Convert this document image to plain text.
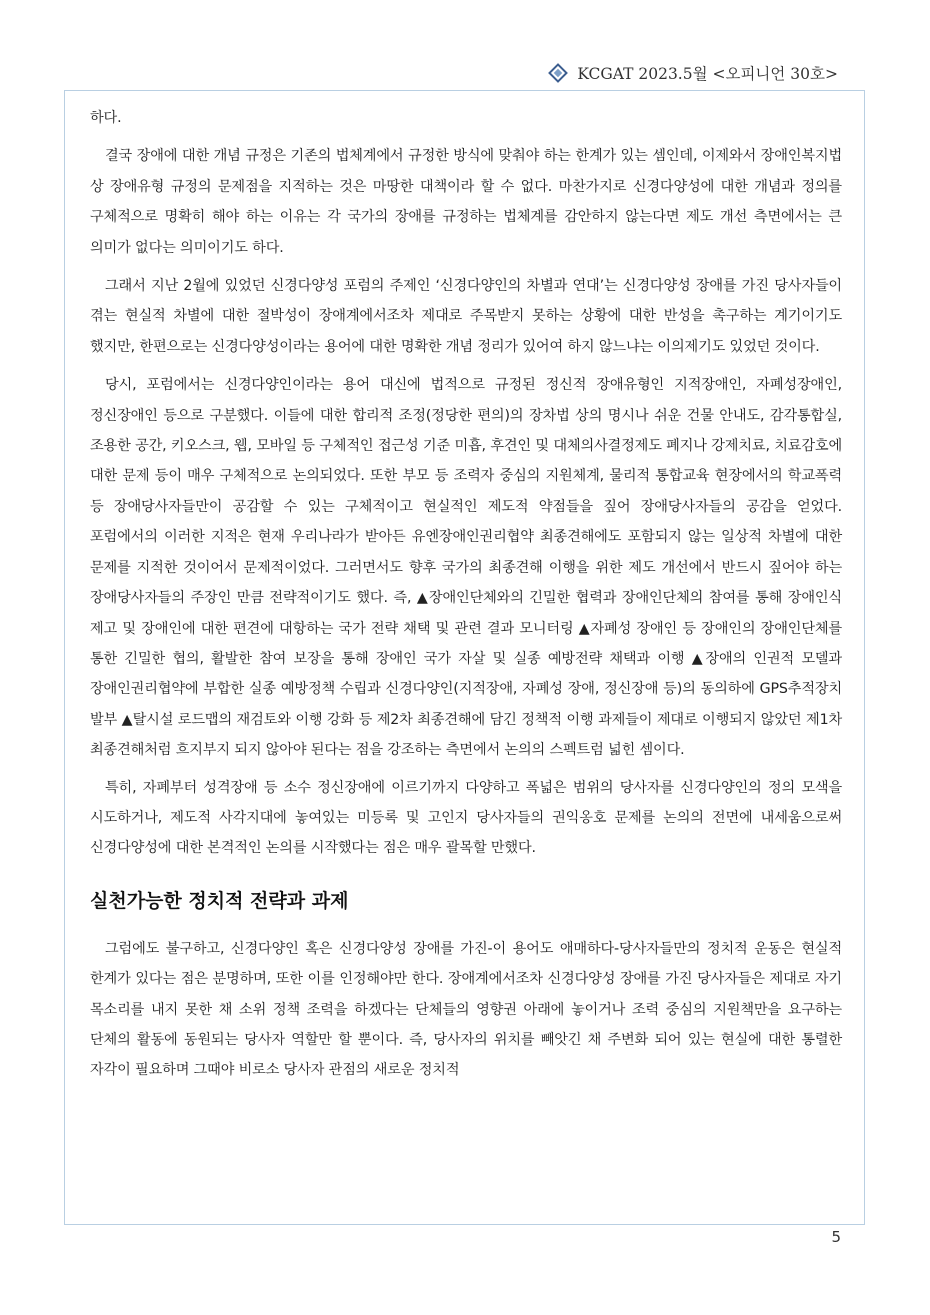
KCGAT 2023.5월 <오피니언 30호>

하다.

결국 장애에 대한 개념 규정은 기존의 법체계에서 규정한 방식에 맞춰야 하는 한계가 있는 셈인데, 이제와서 장애인복지법 상 장애유형 규정의 문제점을 지적하는 것은 마땅한 대책이라 할 수 없다. 마찬가지로 신경다양성에 대한 개념과 정의를 구체적으로 명확히 해야 하는 이유는 각 국가의 장애를 규정하는 법체계를 감안하지 않는다면 제도 개선 측면에서는 큰 의미가 없다는 의미이기도 하다.

그래서 지난 2월에 있었던 신경다양성 포럼의 주제인 ‘신경다양인의 차별과 연대’는 신경다양성 장애를 가진 당사자들이 겪는 현실적 차별에 대한 절박성이 장애계에서조차 제대로 주목받지 못하는 상황에 대한 반성을 촉구하는 계기이기도 했지만, 한편으로는 신경다양성이라는 용어에 대한 명확한 개념 정리가 있어여 하지 않느냐는 이의제기도 있었던 것이다.

당시, 포럼에서는 신경다양인이라는 용어 대신에 법적으로 규정된 정신적 장애유형인 지적장애인, 자폐성장애인, 정신장애인 등으로 구분했다. 이들에 대한 합리적 조정(정당한 편의)의 장차법 상의 명시나 쉬운 건물 안내도, 감각통합실, 조용한 공간, 키오스크, 웹, 모바일 등 구체적인 접근성 기준 미흡, 후견인 및 대체의사결정제도 폐지나 강제치료, 치료감호에 대한 문제 등이 매우 구체적으로 논의되었다. 또한 부모 등 조력자 중심의 지원체계, 물리적 통합교육 현장에서의 학교폭력 등 장애당사자들만이 공감할 수 있는 구체적이고 현실적인 제도적 약점들을 짚어 장애당사자들의 공감을 얻었다. 포럼에서의 이러한 지적은 현재 우리나라가 받아든 유엔장애인권리협약 최종견해에도 포함되지 않는 일상적 차별에 대한 문제를 지적한 것이어서 문제적이었다. 그러면서도 향후 국가의 최종견해 이행을 위한 제도 개선에서 반드시 짚어야 하는 장애당사자들의 주장인 만큼 전략적이기도 했다. 즉, ▲장애인단체와의 긴밀한 협력과 장애인단체의 참여를 통해 장애인식 제고 및 장애인에 대한 편견에 대항하는 국가 전략 채택 및 관련 결과 모니터링 ▲자폐성 장애인 등 장애인의 장애인단체를 통한 긴밀한 협의, 활발한 참여 보장을 통해 장애인 국가 자살 및 실종 예방전략 채택과 이행 ▲장애의 인권적 모델과 장애인권리협약에 부합한 실종 예방정책 수립과 신경다양인(지적장애, 자폐성 장애, 정신장애 등)의 동의하에 GPS추적장치 발부 ▲탈시설 로드맵의 재검토와 이행 강화 등 제2차 최종견해에 담긴 정책적 이행 과제들이 제대로 이행되지 않았던 제1차 최종견해처럼 흐지부지 되지 않아야 된다는 점을 강조하는 측면에서 논의의 스펙트럼 넓힌 셈이다.

특히, 자폐부터 성격장애 등 소수 정신장애에 이르기까지 다양하고 폭넓은 범위의 당사자를 신경다양인의 정의 모색을 시도하거나, 제도적 사각지대에 놓여있는 미등록 및 고인지 당사자들의 권익옹호 문제를 논의의 전면에 내세움으로써 신경다양성에 대한 본격적인 논의를 시작했다는 점은 매우 괄목할 만했다.

실천가능한 정치적 전략과 과제

그럼에도 불구하고, 신경다양인 혹은 신경다양성 장애를 가진-이 용어도 애매하다-당사자들만의 정치적 운동은 현실적 한계가 있다는 점은 분명하며, 또한 이를 인정해야만 한다. 장애계에서조차 신경다양성 장애를 가진 당사자들은 제대로 자기 목소리를 내지 못한 채 소위 정책 조력을 하겠다는 단체들의 영향권 아래에 놓이거나 조력 중심의 지원책만을 요구하는 단체의 활동에 동원되는 당사자 역할만 할 뿐이다. 즉, 당사자의 위치를 빼앗긴 채 주변화 되어 있는 현실에 대한 통렬한 자각이 필요하며 그때야 비로소 당사자 관점의 새로운 정치적

5
